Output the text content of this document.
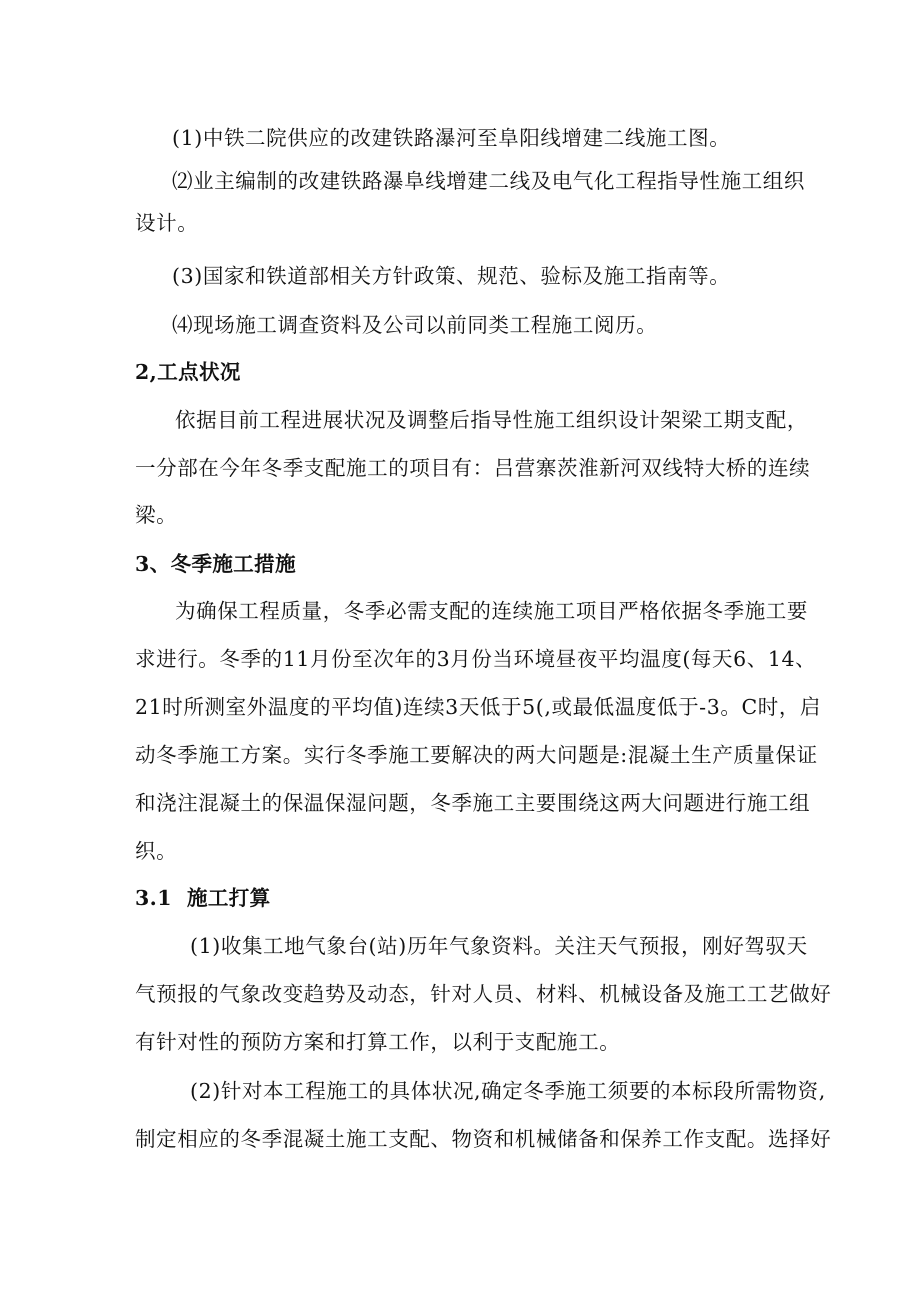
(1)中铁二院供应的改建铁路瀑河至阜阳线增建二线施工图。
⑵业主编制的改建铁路瀑阜线增建二线及电气化工程指导性施工组织
设计。
(3)国家和铁道部相关方针政策、规范、验标及施工指南等。
⑷现场施工调查资料及公司以前同类工程施工阅历。
2,工点状况
依据目前工程进展状况及调整后指导性施工组织设计架梁工期支配，
一分部在今年冬季支配施工的项目有：吕营寨茨淮新河双线特大桥的连续
梁。
3、冬季施工措施
为确保工程质量，冬季必需支配的连续施工项目严格依据冬季施工要
求进行。冬季的11月份至次年的3月份当环境昼夜平均温度(每天6、14、
21时所测室外温度的平均值)连续3天低于5(,或最低温度低于-3。C时，启
动冬季施工方案。实行冬季施工要解决的两大问题是:混凝土生产质量保证
和浇注混凝土的保温保湿问题，冬季施工主要围绕这两大问题进行施工组
织。
3.1  施工打算
(1)收集工地气象台(站)历年气象资料。关注天气预报，刚好驾驭天
气预报的气象改变趋势及动态，针对人员、材料、机械设备及施工工艺做好
有针对性的预防方案和打算工作，以利于支配施工。
(2)针对本工程施工的具体状况,确定冬季施工须要的本标段所需物资,
制定相应的冬季混凝土施工支配、物资和机械储备和保养工作支配。选择好
